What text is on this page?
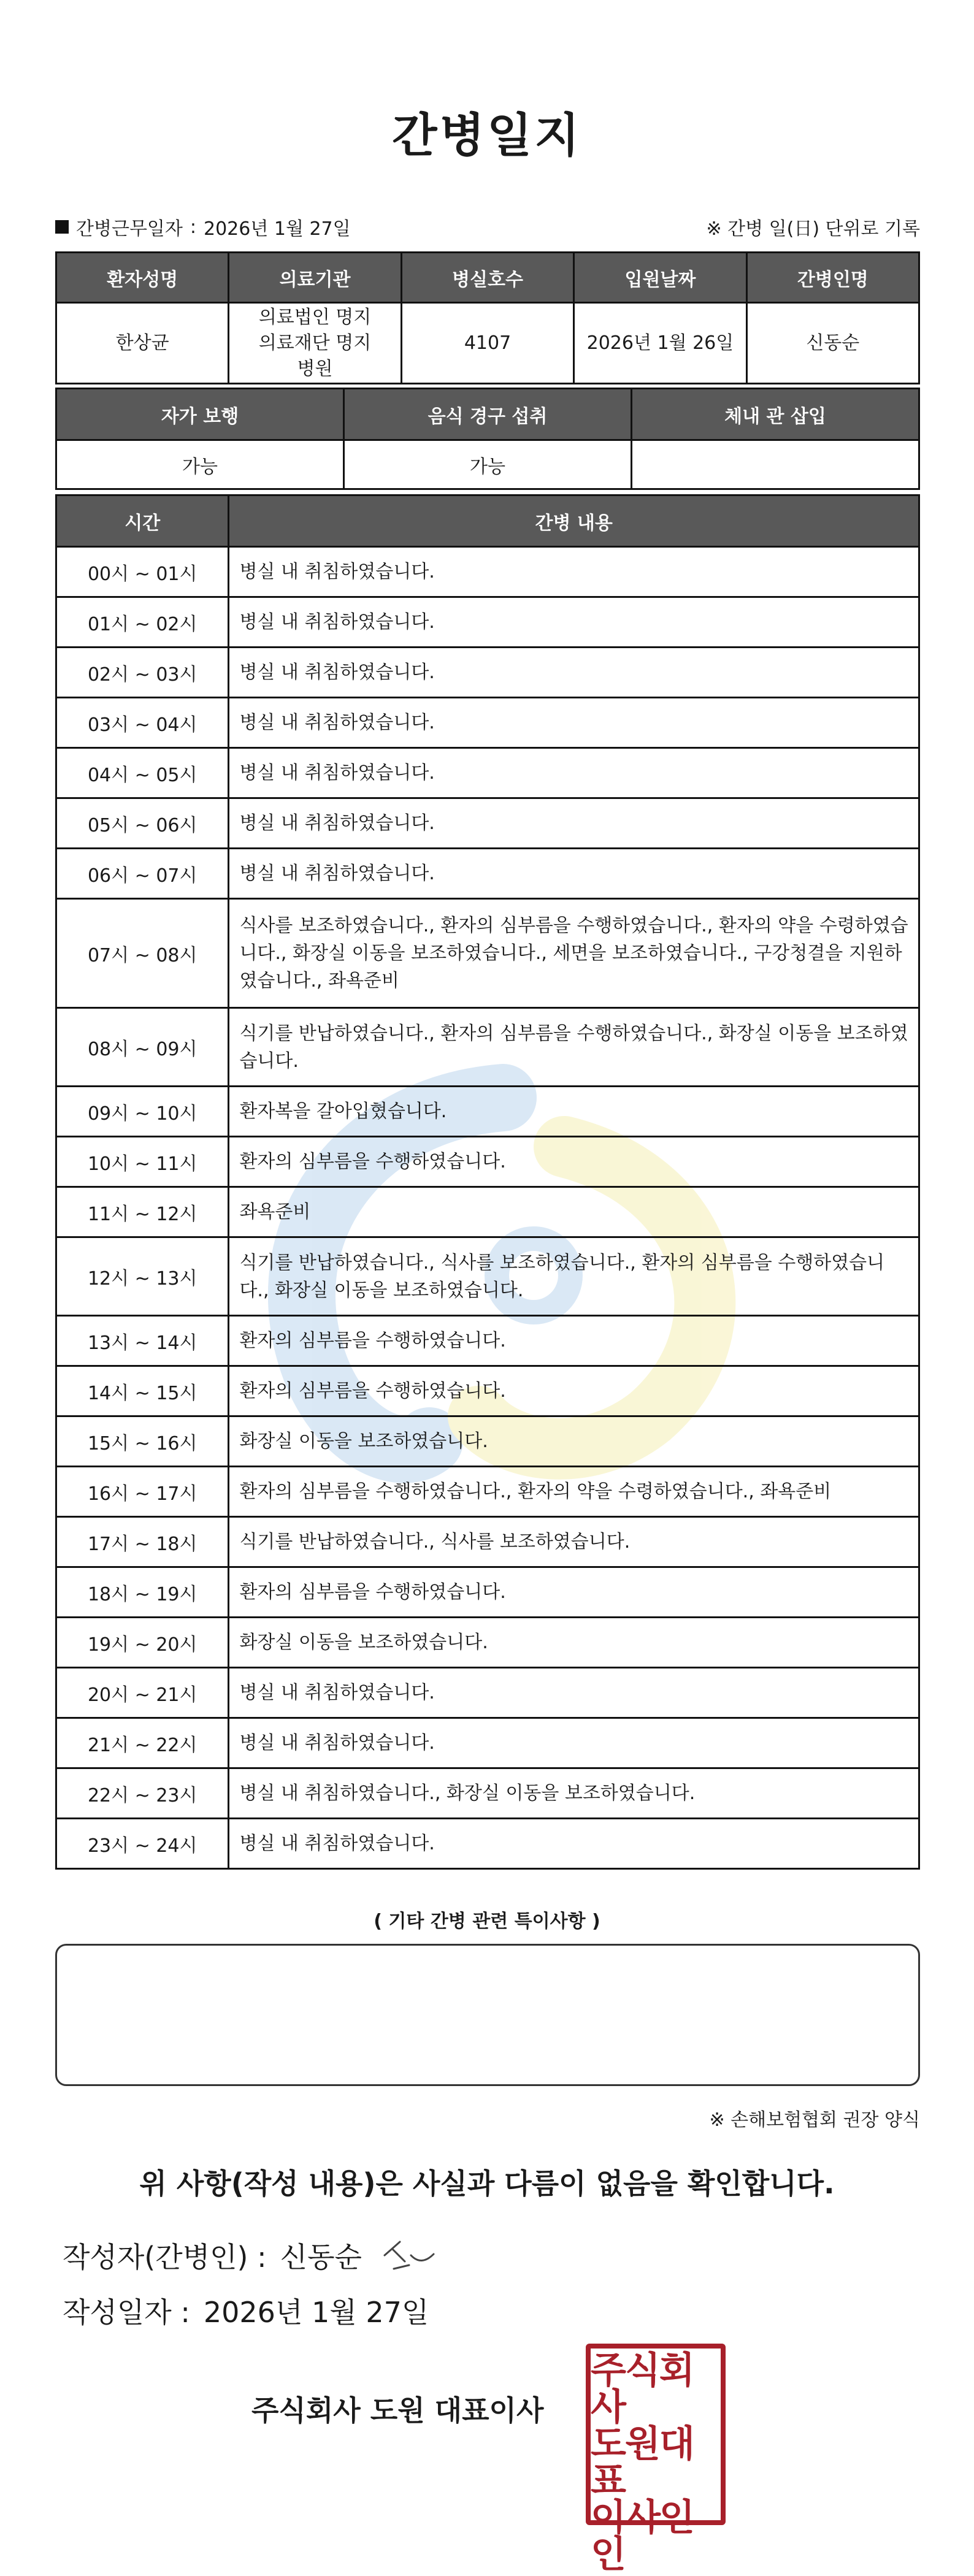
간병일지
간병근무일자 : 2026년 1월 27일	※ 간병 일(日) 단위로 기록
환자성명	의료기관	병실호수	입원날짜	간병인명
한상균	의료법인 명지의료재단 명지병원	4107	2026년 1월 26일	신동순
자가 보행	음식 경구 섭취	체내 관 삽입
가능	가능	
시간	간병 내용
00시 ~ 01시	병실 내 취침하였습니다.
01시 ~ 02시	병실 내 취침하였습니다.
02시 ~ 03시	병실 내 취침하였습니다.
03시 ~ 04시	병실 내 취침하였습니다.
04시 ~ 05시	병실 내 취침하였습니다.
05시 ~ 06시	병실 내 취침하였습니다.
06시 ~ 07시	병실 내 취침하였습니다.
07시 ~ 08시	식사를 보조하였습니다., 환자의 심부름을 수행하였습니다., 환자의 약을 수령하였습니다., 화장실 이동을 보조하였습니다., 세면을 보조하였습니다., 구강청결을 지원하였습니다., 좌욕준비
08시 ~ 09시	식기를 반납하였습니다., 환자의 심부름을 수행하였습니다., 화장실 이동을 보조하였습니다.
09시 ~ 10시	환자복을 갈아입혔습니다.
10시 ~ 11시	환자의 심부름을 수행하였습니다.
11시 ~ 12시	좌욕준비
12시 ~ 13시	식기를 반납하였습니다., 식사를 보조하였습니다., 환자의 심부름을 수행하였습니다., 화장실 이동을 보조하였습니다.
13시 ~ 14시	환자의 심부름을 수행하였습니다.
14시 ~ 15시	환자의 심부름을 수행하였습니다.
15시 ~ 16시	화장실 이동을 보조하였습니다.
16시 ~ 17시	환자의 심부름을 수행하였습니다., 환자의 약을 수령하였습니다., 좌욕준비
17시 ~ 18시	식기를 반납하였습니다., 식사를 보조하였습니다.
18시 ~ 19시	환자의 심부름을 수행하였습니다.
19시 ~ 20시	화장실 이동을 보조하였습니다.
20시 ~ 21시	병실 내 취침하였습니다.
21시 ~ 22시	병실 내 취침하였습니다.
22시 ~ 23시	병실 내 취침하였습니다., 화장실 이동을 보조하였습니다.
23시 ~ 24시	병실 내 취침하였습니다.
( 기타 간병 관련 특이사항 )
※ 손해보험협회 권장 양식
위 사항(작성 내용)은 사실과 다름이 없음을 확인합니다.
작성자(간병인) : 신동순
작성일자 : 2026년 1월 27일
주식회사 도원 대표이사
주식회사
도원대표
이사인인
